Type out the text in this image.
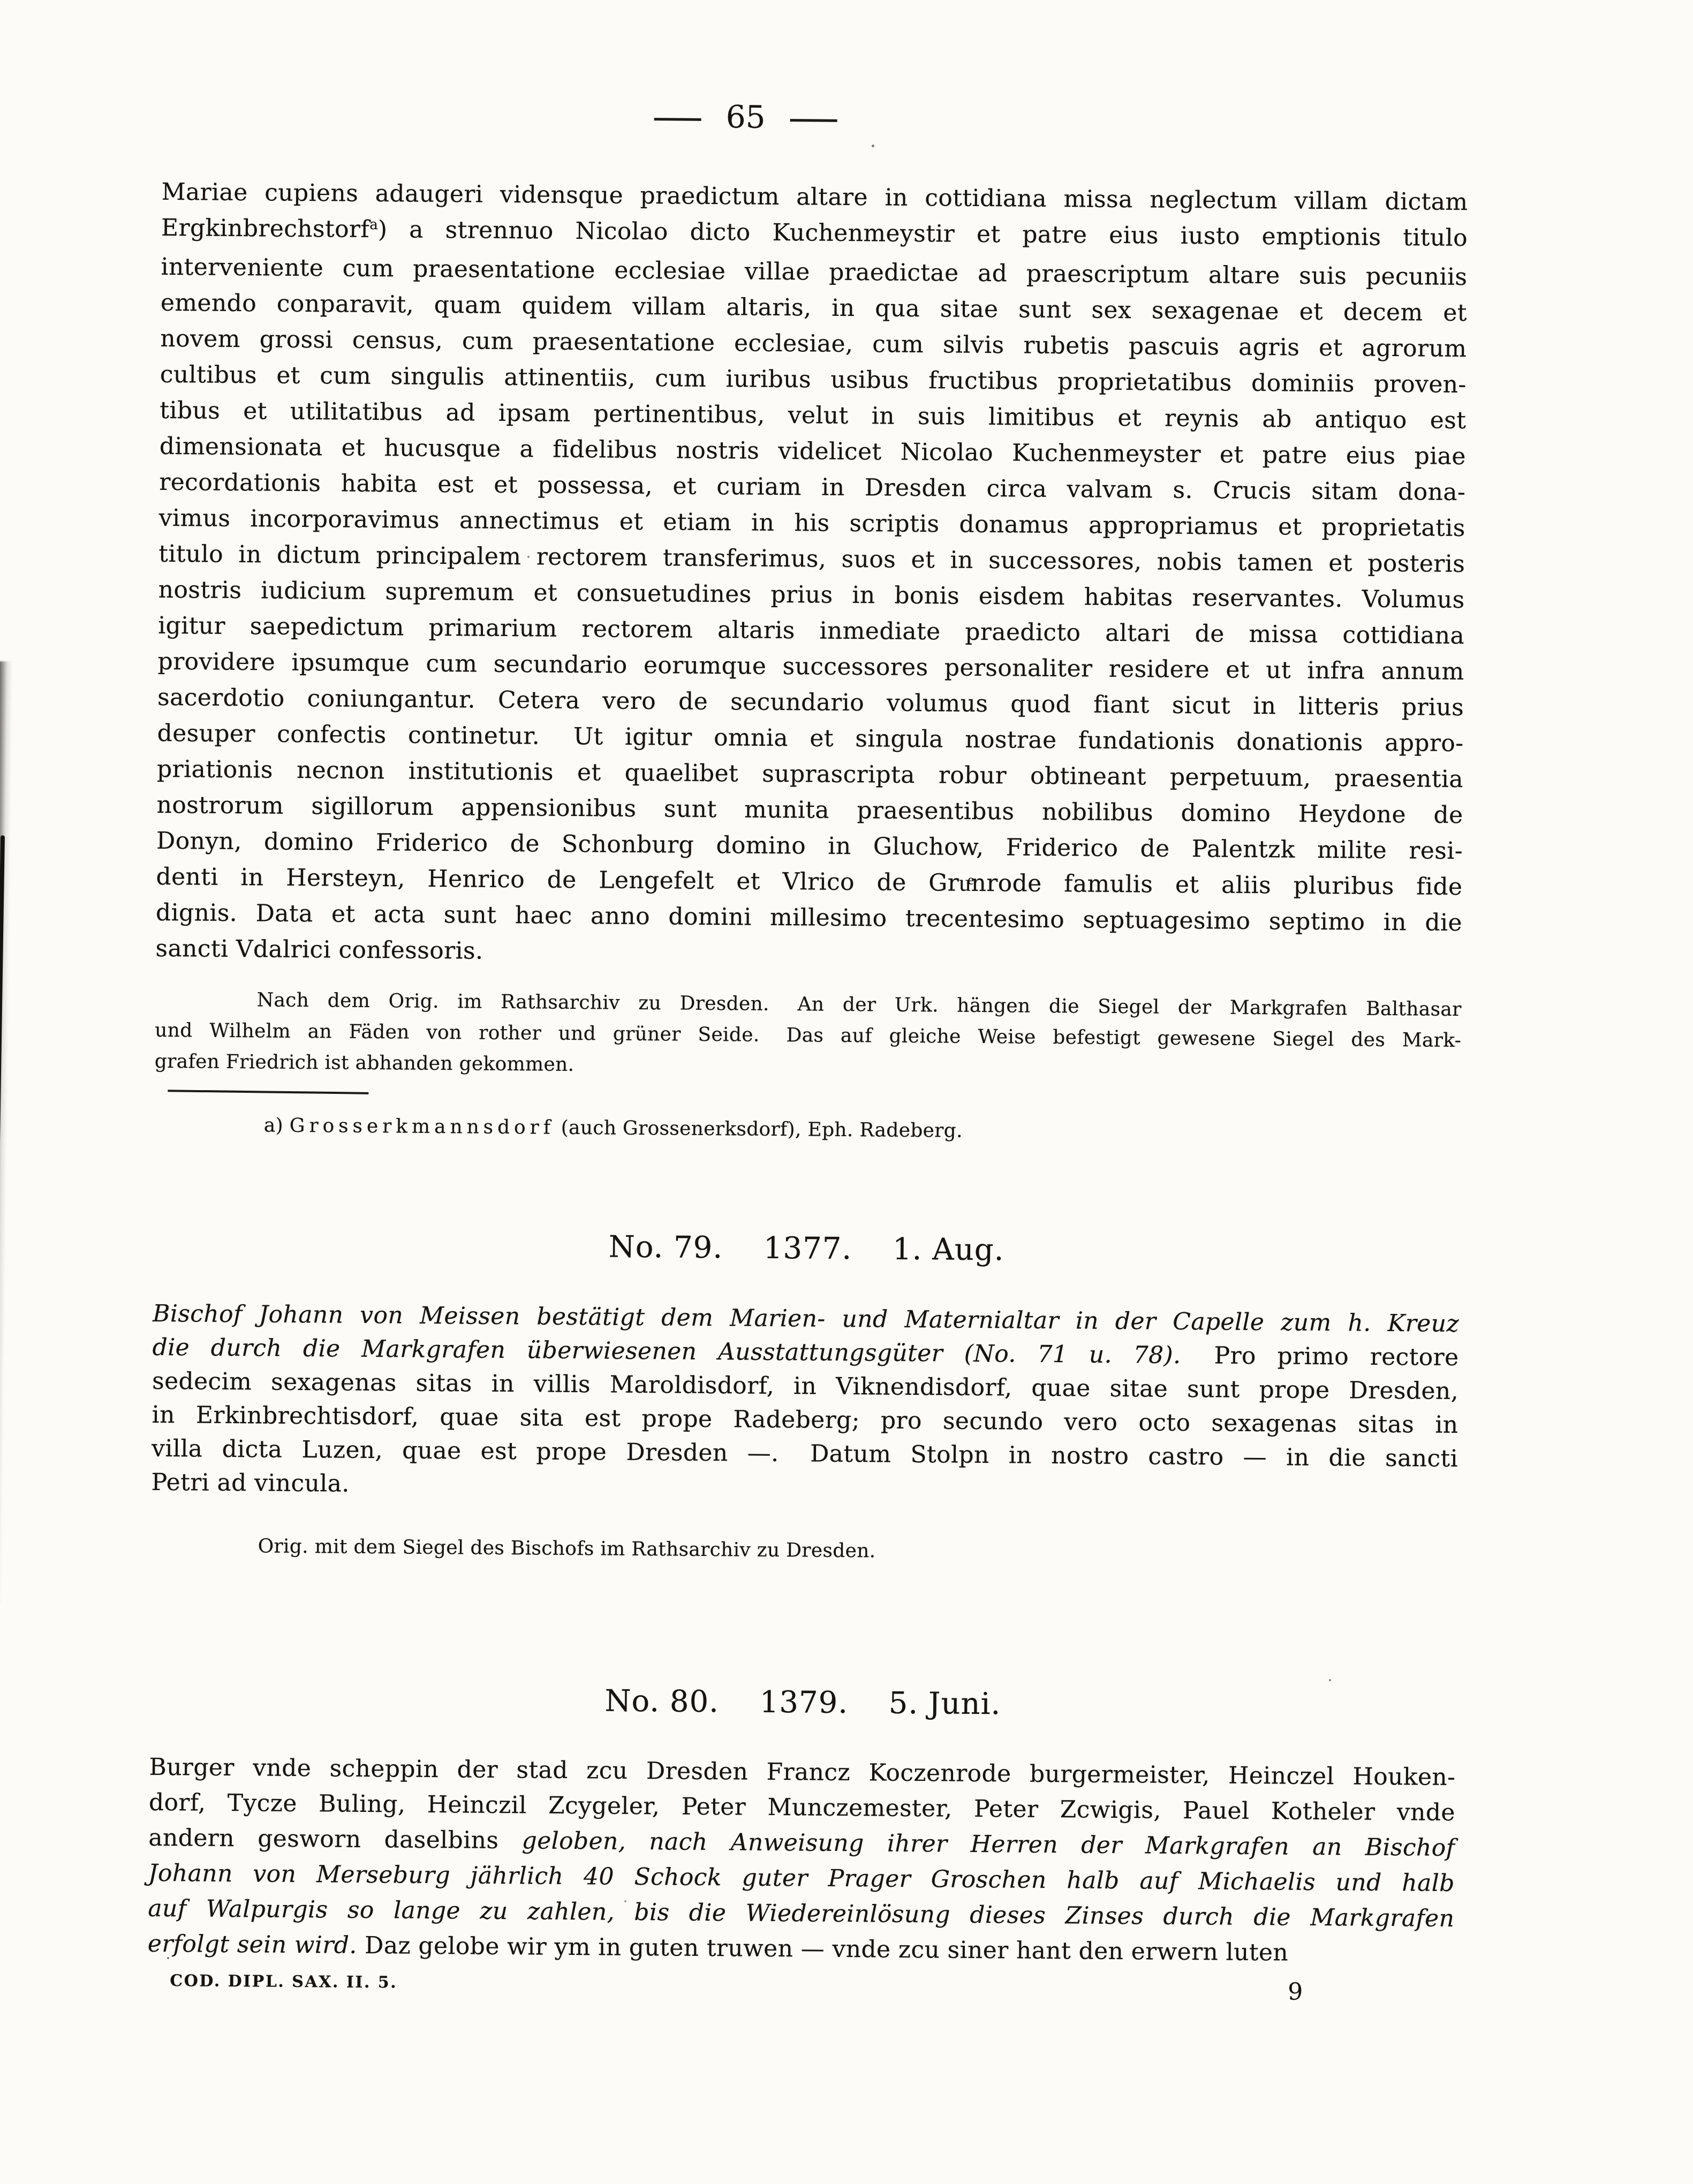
65
Mariae cupiens adaugeri vidensque praedictum altare in cottidiana missa neglectum villam dictam
Ergkinbrechstorf$^a$) a strennuo Nicolao dicto Kuchenmeystir et patre eius iusto emptionis titulo
interveniente cum praesentatione ecclesiae villae praedictae ad praescriptum altare suis pecuniis
emendo conparavit, quam quidem villam altaris, in qua sitae sunt sex sexagenae et decem et
novem grossi census, cum praesentatione ecclesiae, cum silvis rubetis pascuis agris et agrorum
cultibus et cum singulis attinentiis, cum iuribus usibus fructibus proprietatibus dominiis proven-
tibus et utilitatibus ad ipsam pertinentibus, velut in suis limitibus et reynis ab antiquo est
dimensionata et hucusque a fidelibus nostris videlicet Nicolao Kuchenmeyster et patre eius piae
recordationis habita est et possessa, et curiam in Dresden circa valvam s. Crucis sitam dona-
vimus incorporavimus annectimus et etiam in his scriptis donamus appropriamus et proprietatis
titulo in dictum principalem rectorem transferimus, suos et in successores, nobis tamen et posteris
nostris iudicium supremum et consuetudines prius in bonis eisdem habitas reservantes. Volumus
igitur saepedictum primarium rectorem altaris inmediate praedicto altari de missa cottidiana
providere ipsumque cum secundario eorumque successores personaliter residere et ut infra annum
sacerdotio coniungantur. Cetera vero de secundario volumus quod fiant sicut in litteris prius
desuper confectis continetur.  Ut igitur omnia et singula nostrae fundationis donationis appro-
priationis necnon institutionis et quaelibet suprascripta robur obtineant perpetuum, praesentia
nostrorum sigillorum appensionibus sunt munita praesentibus nobilibus domino Heydone de
Donyn, domino Friderico de Schonburg domino in Gluchow, Friderico de Palentzk milite resi-
denti in Hersteyn, Henrico de Lengefelt et Vlrico de Gruͤnrode famulis et aliis pluribus fide
dignis. Data et acta sunt haec anno domini millesimo trecentesimo septuagesimo septimo in die
sancti Vdalrici confessoris.
Nach dem Orig. im Rathsarchiv zu Dresden.  An der Urk. hängen die Siegel der Markgrafen Balthasar
und Wilhelm an Fäden von rother und grüner Seide.  Das auf gleiche Weise befestigt gewesene Siegel des Mark-
grafen Friedrich ist abhanden gekommen.
a) Grosserkmannsdorf (auch Grossenerksdorf), Eph. Radeberg.
No. 79.  1377.  1. Aug.
Bischof Johann von Meissen bestätigt dem Marien- und Maternialtar in der Capelle zum h. Kreuz
die durch die Markgrafen überwiesenen Ausstattungsgüter (No. 71 u. 78).  Pro primo rectore
sedecim sexagenas sitas in villis Maroldisdorf, in Viknendisdorf, quae sitae sunt prope Dresden,
in Erkinbrechtisdorf, quae sita est prope Radeberg; pro secundo vero octo sexagenas sitas in
villa dicta Luzen, quae est prope Dresden —.  Datum Stolpn in nostro castro — in die sancti
Petri ad vincula.
Orig. mit dem Siegel des Bischofs im Rathsarchiv zu Dresden.
No. 80.  1379.  5. Juni.
Burger vnde scheppin der stad zcu Dresden Francz Koczenrode burgermeister, Heinczel Houken-
dorf, Tycze Buling, Heinczil Zcygeler, Peter Munczemester, Peter Zcwigis, Pauel Kotheler vnde
andern gesworn daselbins geloben, nach Anweisung ihrer Herren der Markgrafen an Bischof
Johann von Merseburg jährlich 40 Schock guter Prager Groschen halb auf Michaelis und halb
auf Walpurgis so lange zu zahlen, bis die Wiedereinlösung dieses Zinses durch die Markgrafen
erfolgt sein wird. Daz gelobe wir ym in guten truwen — vnde zcu siner hant den erwern luten
COD. DIPL. SAX. II. 5.	9
